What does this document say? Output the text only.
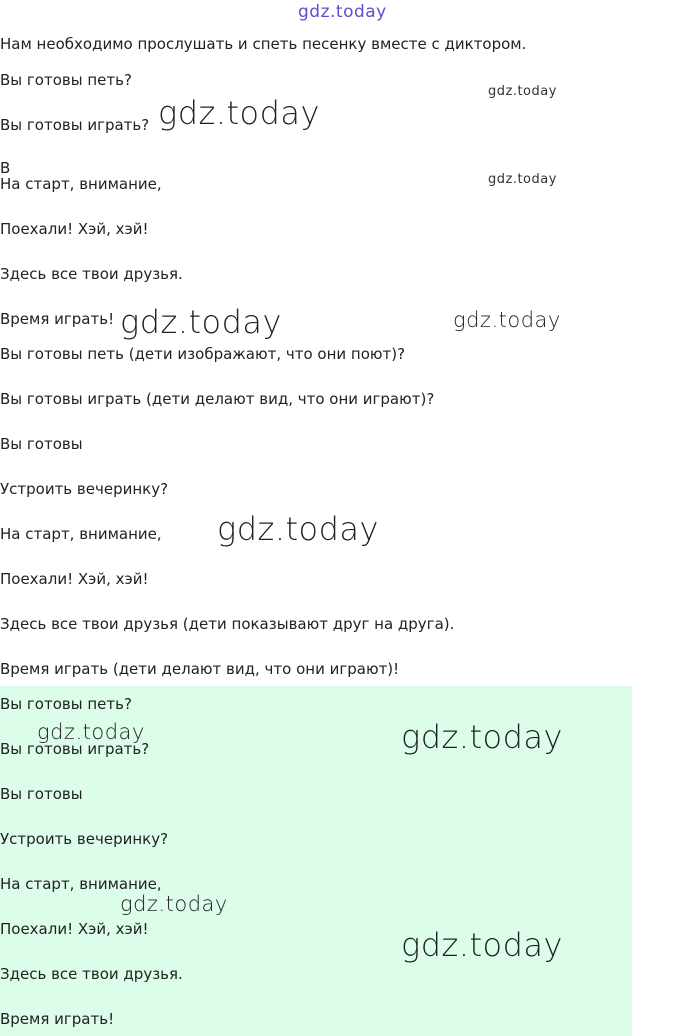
gdz.today
Нам необходимо прослушать и спеть песенку вместе с диктором.
Вы готовы петь?
Вы готовы играть?
В
На старт, внимание,
Поехали! Хэй, хэй!
Здесь все твои друзья.
Время играть!
Вы готовы петь (дети изображают, что они поют)?
Вы готовы играть (дети делают вид, что они играют)?
Вы готовы
Устроить вечеринку?
На старт, внимание,
Поехали! Хэй, хэй!
Здесь все твои друзья (дети показывают друг на друга).
Время играть (дети делают вид, что они играют)!
Вы готовы петь?
Вы готовы играть?
Вы готовы
Устроить вечеринку?
На старт, внимание,
Поехали! Хэй, хэй!
Здесь все твои друзья.
Время играть!
gdz.today
gdz.today
gdz.today
gdz.today	gdz.today
gdz.today
gdz.today	gdz.today
gdz.today
gdz.today
